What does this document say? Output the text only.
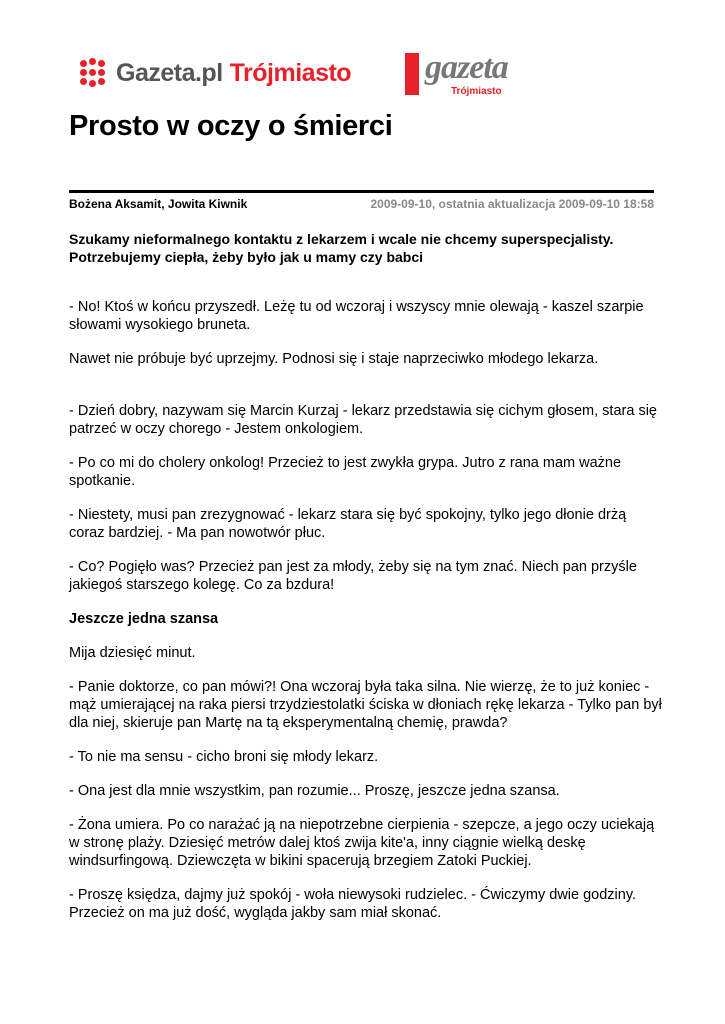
Gazeta.pl Trójmiasto gazeta
Trójmiasto
Prosto w oczy o śmierci
Bożena Aksamit, Jowita Kiwnik	2009-09-10, ostatnia aktualizacja 2009-09-10 18:58
Szukamy nieformalnego kontaktu z lekarzem i wcale nie chcemy superspecjalisty. Potrzebujemy ciepła, żeby było jak u mamy czy babci

- No! Ktoś w końcu przyszedł. Leżę tu od wczoraj i wszyscy mnie olewają - kaszel szarpie słowami wysokiego bruneta.

Nawet nie próbuje być uprzejmy. Podnosi się i staje naprzeciwko młodego lekarza.

- Dzień dobry, nazywam się Marcin Kurzaj - lekarz przedstawia się cichym głosem, stara się patrzeć w oczy chorego - Jestem onkologiem.

- Po co mi do cholery onkolog! Przecież to jest zwykła grypa. Jutro z rana mam ważne spotkanie.

- Niestety, musi pan zrezygnować - lekarz stara się być spokojny, tylko jego dłonie drżą coraz bardziej. - Ma pan nowotwór płuc.

- Co? Pogięło was? Przecież pan jest za młody, żeby się na tym znać. Niech pan przyśle jakiegoś starszego kolegę. Co za bzdura!

Jeszcze jedna szansa

Mija dziesięć minut.

- Panie doktorze, co pan mówi?! Ona wczoraj była taka silna. Nie wierzę, że to już koniec - mąż umierającej na raka piersi trzydziestolatki ściska w dłoniach rękę lekarza - Tylko pan był dla niej, skieruje pan Martę na tą eksperymentalną chemię, prawda?

- To nie ma sensu - cicho broni się młody lekarz.

- Ona jest dla mnie wszystkim, pan rozumie... Proszę, jeszcze jedna szansa.

- Żona umiera. Po co narażać ją na niepotrzebne cierpienia - szepcze, a jego oczy uciekają w stronę plaży. Dziesięć metrów dalej ktoś zwija kite'a, inny ciągnie wielką deskę windsurfingową. Dziewczęta w bikini spacerują brzegiem Zatoki Puckiej.

- Proszę księdza, dajmy już spokój - woła niewysoki rudzielec. - Ćwiczymy dwie godziny. Przecież on ma już dość, wygląda jakby sam miał skonać.
